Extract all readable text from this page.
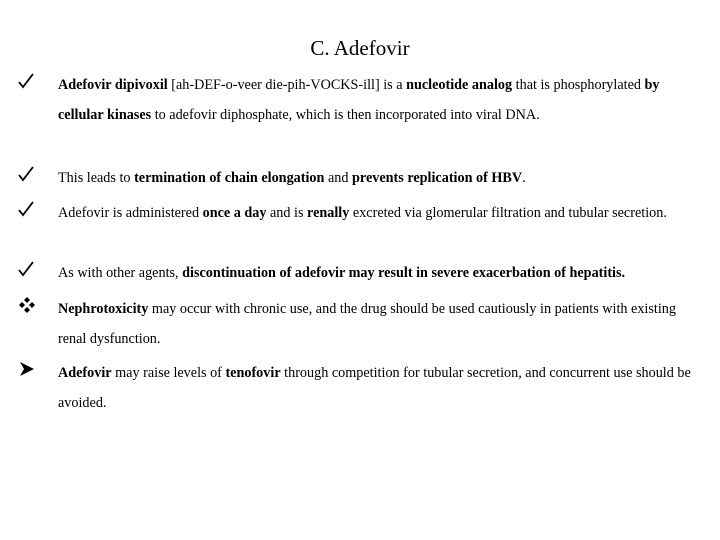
C. Adefovir
Adefovir dipivoxil [ah-DEF-o-veer die-pih-VOCKS-ill] is a nucleotide analog that is phosphorylated by cellular kinases to adefovir diphosphate, which is then incorporated into viral DNA.
This leads to termination of chain elongation and prevents replication of HBV.
Adefovir is administered once a day and is renally excreted via glomerular filtration and tubular secretion.
As with other agents, discontinuation of adefovir may result in severe exacerbation of hepatitis.
Nephrotoxicity may occur with chronic use, and the drug should be used cautiously in patients with existing renal dysfunction.
Adefovir may raise levels of tenofovir through competition for tubular secretion, and concurrent use should be avoided.
